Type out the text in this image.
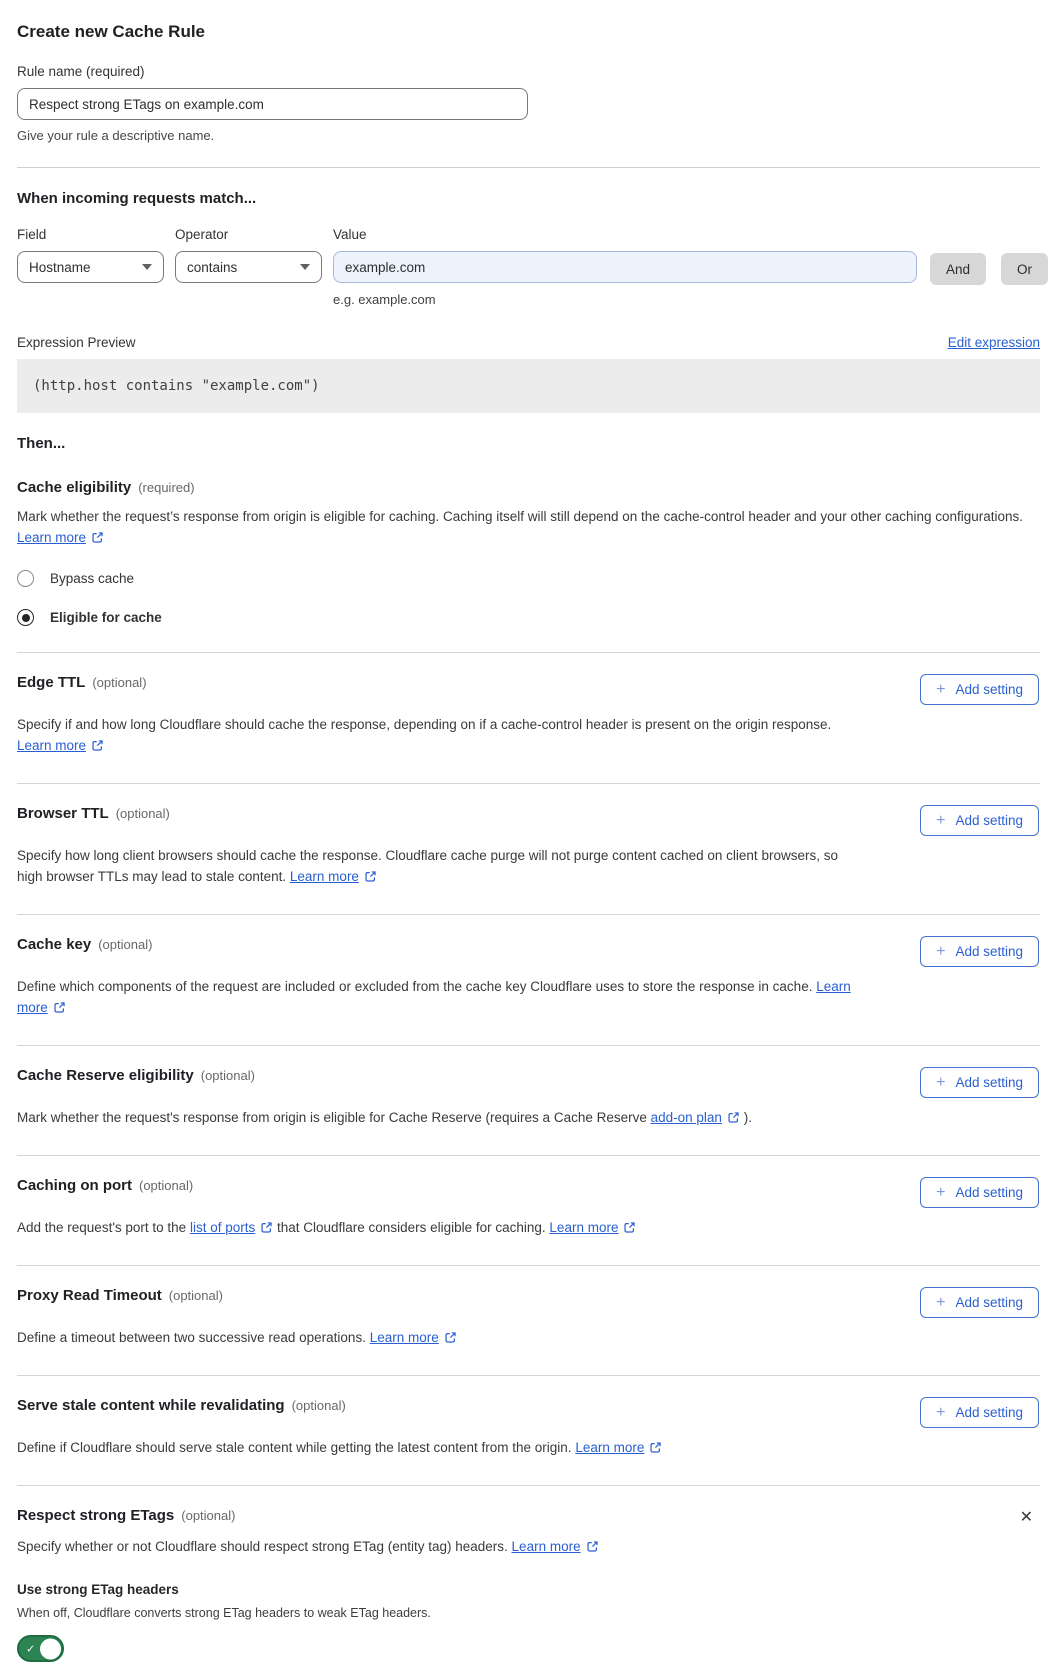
Create new Cache Rule
Rule name (required)
Respect strong ETags on example.com
Give your rule a descriptive name.
When incoming requests match...
Field
Hostname
Operator
contains
Value
example.com
e.g. example.com
And	Or
Expression Preview	Edit expression
(http.host contains "example.com")
Then...
Cache eligibility (required)

Mark whether the request’s response from origin is eligible for caching. Caching itself will still depend on the cache-control header and your other caching configurations. Learn more

Bypass cache
Eligible for cache
Edge TTL (optional)	+ Add setting

Specify if and how long Cloudflare should cache the response, depending on if a cache-control header is present on the origin response. Learn more

Browser TTL (optional)	+ Add setting

Specify how long client browsers should cache the response. Cloudflare cache purge will not purge content cached on client browsers, so high browser TTLs may lead to stale content. Learn more

Cache key (optional)	+ Add setting

Define which components of the request are included or excluded from the cache key Cloudflare uses to store the response in cache. Learn more

Cache Reserve eligibility (optional)	+ Add setting

Mark whether the request's response from origin is eligible for Cache Reserve (requires a Cache Reserve add-on plan ).

Caching on port (optional)	+ Add setting

Add the request's port to the list of ports that Cloudflare considers eligible for caching. Learn more

Proxy Read Timeout (optional)	+ Add setting

Define a timeout between two successive read operations. Learn more

Serve stale content while revalidating (optional)	+ Add setting

Define if Cloudflare should serve stale content while getting the latest content from the origin. Learn more

Respect strong ETags (optional)	✕

Specify whether or not Cloudflare should respect strong ETag (entity tag) headers. Learn more

Use strong ETag headers
When off, Cloudflare converts strong ETag headers to weak ETag headers.
✓
